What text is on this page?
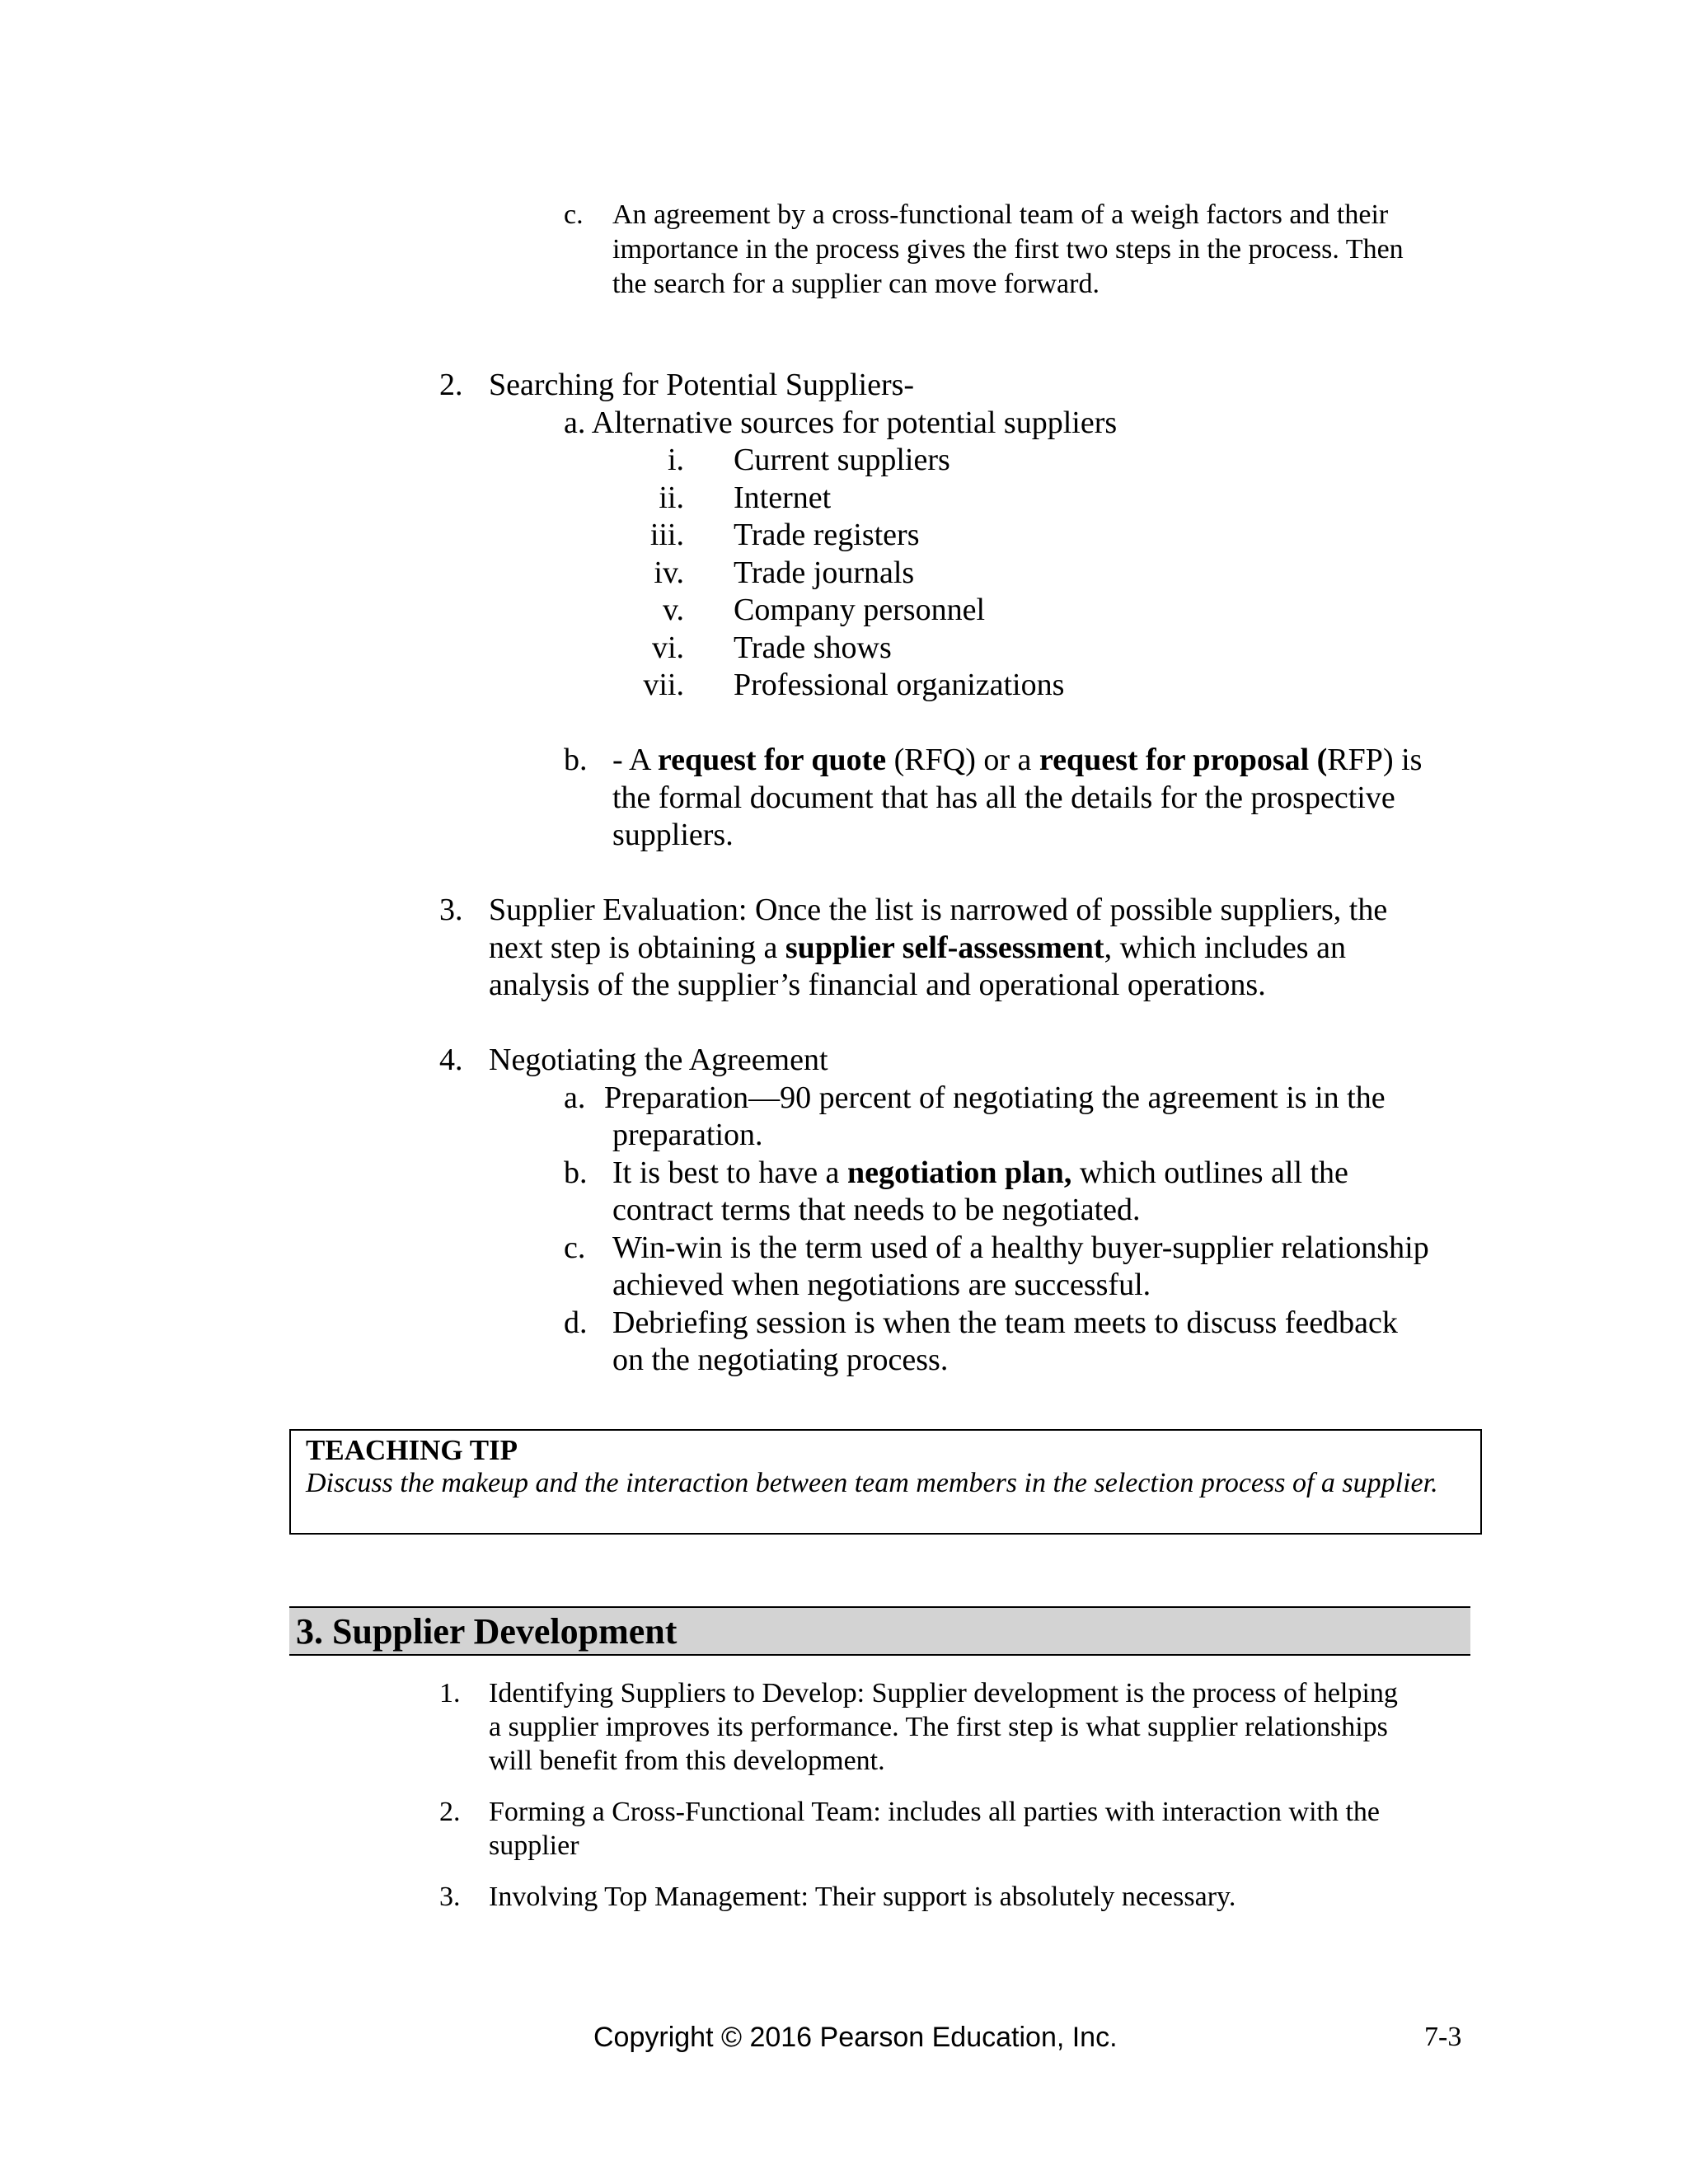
c. An agreement by a cross-functional team of a weigh factors and their
importance in the process gives the first two steps in the process. Then
the search for a supplier can move forward.
2. Searching for Potential Suppliers-
a. Alternative sources for potential suppliers
i. Current suppliers
ii. Internet
iii. Trade registers
iv. Trade journals
v. Company personnel
vi. Trade shows
vii. Professional organizations
b. - A request for quote (RFQ) or a request for proposal (RFP) is
the formal document that has all the details for the prospective
suppliers.
3. Supplier Evaluation: Once the list is narrowed of possible suppliers, the
next step is obtaining a supplier self-assessment, which includes an
analysis of the supplier’s financial and operational operations.
4. Negotiating the Agreement
a. Preparation—90 percent of negotiating the agreement is in the
preparation.
b. It is best to have a negotiation plan, which outlines all the
contract terms that needs to be negotiated.
c. Win-win is the term used of a healthy buyer-supplier relationship
achieved when negotiations are successful.
d. Debriefing session is when the team meets to discuss feedback
on the negotiating process.
TEACHING TIP
Discuss the makeup and the interaction between team members in the selection process of a supplier.
3. Supplier Development
1. Identifying Suppliers to Develop: Supplier development is the process of helping
a supplier improves its performance. The first step is what supplier relationships
will benefit from this development.
2. Forming a Cross-Functional Team: includes all parties with interaction with the
supplier
3. Involving Top Management: Their support is absolutely necessary.
Copyright © 2016 Pearson Education, Inc.	7-3
